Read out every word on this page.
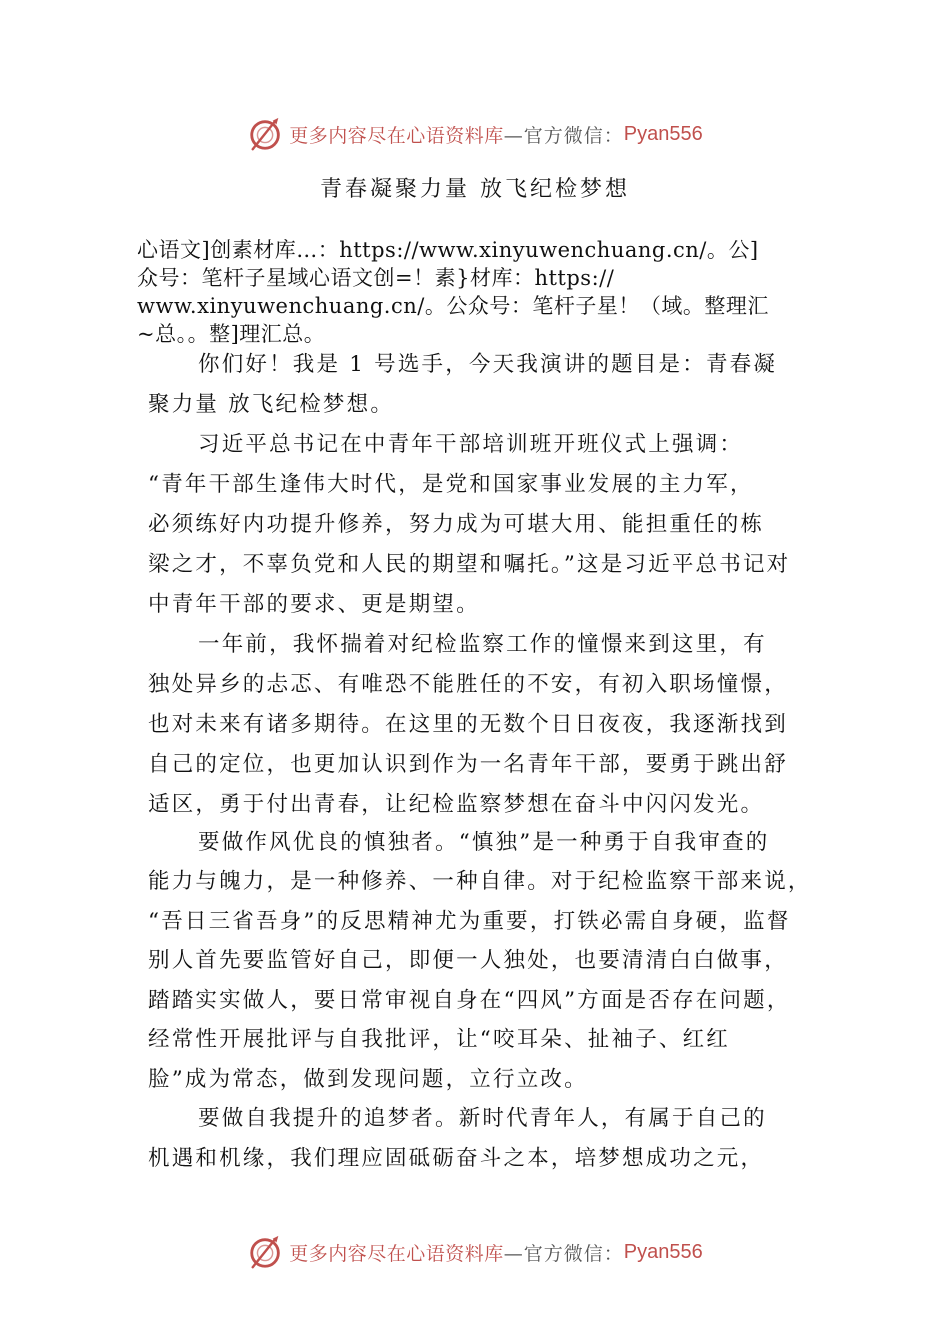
更多内容尽在心语资料库 —官方微信： Pyan556
青春凝聚力量 放飞纪检梦想
心语文]创素材库…：https://www.xinyuwenchuang.cn/。公]
众号：笔杆子星域心语文创=！素}材库：https://
www.xinyuwenchuang.cn/。公众号：笔杆子星！（域。整理汇
~总。。整]理汇总。
你们好！我是 1 号选手，今天我演讲的题目是：青春凝
聚力量 放飞纪检梦想。
习近平总书记在中青年干部培训班开班仪式上强调：
“青年干部生逢伟大时代，是党和国家事业发展的主力军，
必须练好内功提升修养，努力成为可堪大用、能担重任的栋
梁之才，不辜负党和人民的期望和嘱托。”这是习近平总书记对
中青年干部的要求、更是期望。
一年前，我怀揣着对纪检监察工作的憧憬来到这里，有
独处异乡的忐忑、有唯恐不能胜任的不安，有初入职场憧憬，
也对未来有诸多期待。在这里的无数个日日夜夜，我逐渐找到
自己的定位，也更加认识到作为一名青年干部，要勇于跳出舒
适区，勇于付出青春，让纪检监察梦想在奋斗中闪闪发光。
要做作风优良的慎独者。“慎独”是一种勇于自我审查的
能力与魄力，是一种修养、一种自律。对于纪检监察干部来说，
“吾日三省吾身”的反思精神尤为重要，打铁必需自身硬，监督
别人首先要监管好自己，即便一人独处，也要清清白白做事，
踏踏实实做人，要日常审视自身在“四风”方面是否存在问题，
经常性开展批评与自我批评，让“咬耳朵、扯袖子、红红
脸”成为常态，做到发现问题，立行立改。
要做自我提升的追梦者。新时代青年人，有属于自己的
机遇和机缘，我们理应固砥砺奋斗之本，培梦想成功之元，
更多内容尽在心语资料库 —官方微信： Pyan556
